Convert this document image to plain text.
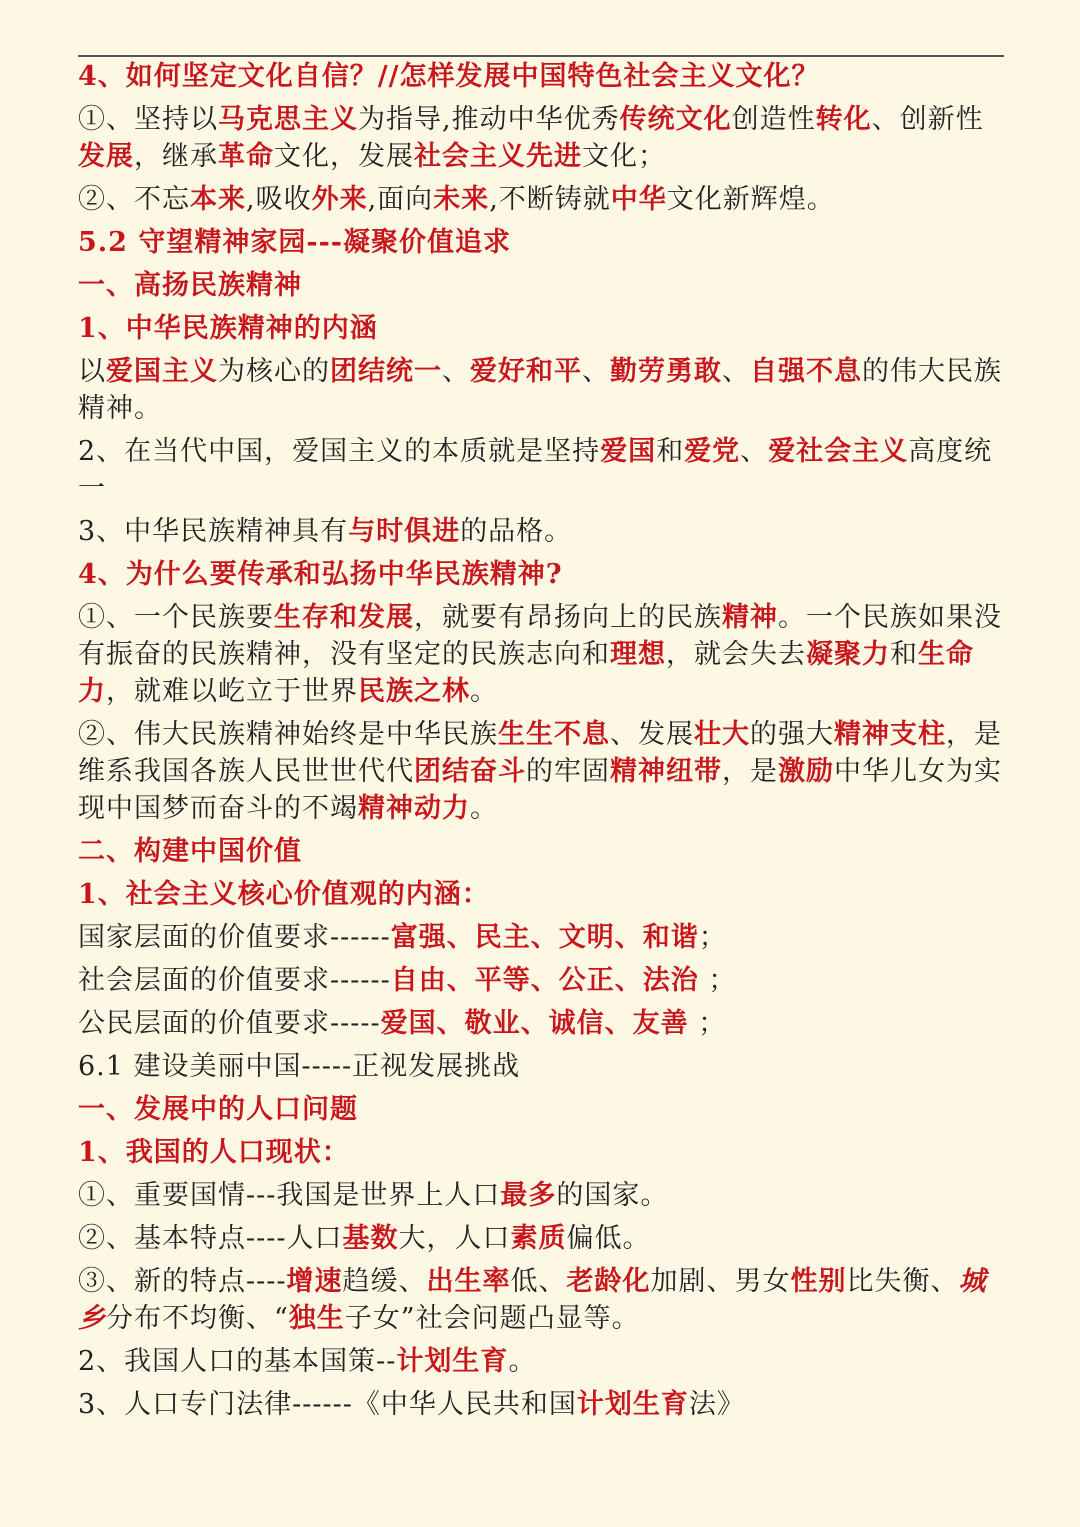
4、如何坚定文化自信？//怎样发展中国特色社会主义文化？
①、坚持以马克思主义为指导,推动中华优秀传统文化创造性转化、创新性发展，继承革命文化，发展社会主义先进文化；
②、不忘本来,吸收外来,面向未来,不断铸就中华文化新辉煌。
5.2 守望精神家园---凝聚价值追求
一、高扬民族精神
1、中华民族精神的内涵
以爱国主义为核心的团结统一、爱好和平、勤劳勇敢、自强不息的伟大民族精神。
2、在当代中国，爱国主义的本质就是坚持爱国和爱党、爱社会主义高度统一
3、中华民族精神具有与时俱进的品格。
4、为什么要传承和弘扬中华民族精神?
①、一个民族要生存和发展，就要有昂扬向上的民族精神。一个民族如果没有振奋的民族精神，没有坚定的民族志向和理想，就会失去凝聚力和生命力，就难以屹立于世界民族之林。
②、伟大民族精神始终是中华民族生生不息、发展壮大的强大精神支柱，是维系我国各族人民世世代代团结奋斗的牢固精神纽带，是激励中华儿女为实现中国梦而奋斗的不竭精神动力。
二、构建中国价值
1、社会主义核心价值观的内涵：
国家层面的价值要求------富强、民主、文明、和谐；
社会层面的价值要求------自由、平等、公正、法治 ；
公民层面的价值要求-----爱国、敬业、诚信、友善 ；
6.1 建设美丽中国-----正视发展挑战
一、发展中的人口问题
1、我国的人口现状：
①、重要国情---我国是世界上人口最多的国家。
②、基本特点----人口基数大，人口素质偏低。
③、新的特点----增速趋缓、出生率低、老龄化加剧、男女性别比失衡、城乡分布不均衡、“独生子女”社会问题凸显等。
2、我国人口的基本国策--计划生育。
3、人口专门法律------《中华人民共和国计划生育法》
